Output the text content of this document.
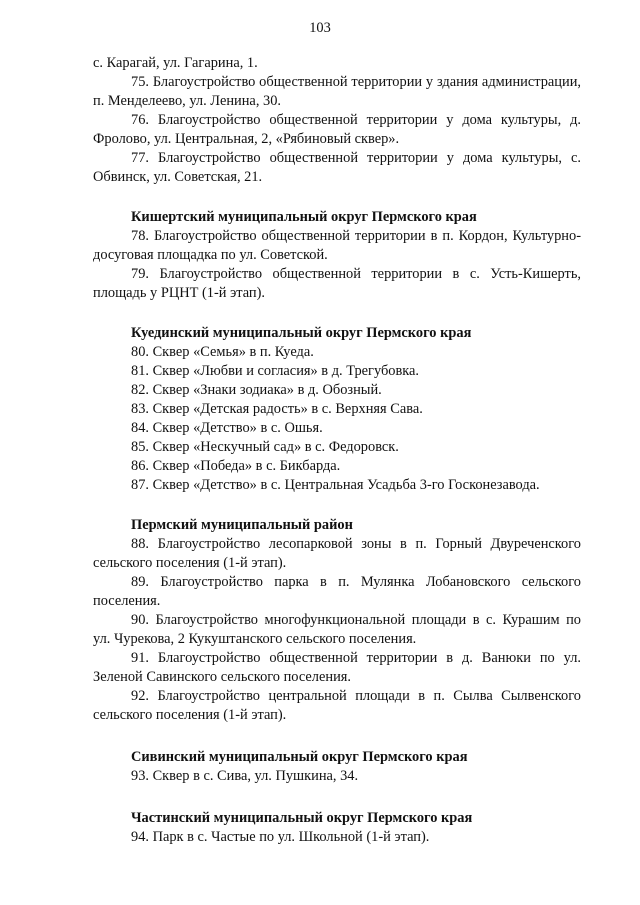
103

с. Карагай, ул. Гагарина, 1.

75. Благоустройство общественной территории у здания администрации, п. Менделеево, ул. Ленина, 30.

76. Благоустройство общественной территории у дома культуры, д. Фролово, ул. Центральная, 2, «Рябиновый сквер».

77. Благоустройство общественной территории у дома культуры, с. Обвинск, ул. Советская, 21.

Кишертский муниципальный округ Пермского края

78. Благоустройство общественной территории в п. Кордон, Культурно-досуговая площадка по ул. Советской.

79. Благоустройство общественной территории в с. Усть-Кишерть, площадь у РЦНТ (1-й этап).

Куединский муниципальный округ Пермского края

80. Сквер «Семья» в п. Куеда.

81. Сквер «Любви и согласия» в д. Трегубовка.

82. Сквер «Знаки зодиака» в д. Обозный.

83. Сквер «Детская радость» в с. Верхняя Сава.

84. Сквер «Детство» в с. Ошья.

85. Сквер «Нескучный сад» в с. Федоровск.

86. Сквер «Победа» в с. Бикбарда.

87. Сквер «Детство» в с. Центральная Усадьба 3-го Госконезавода.

Пермский муниципальный район

88. Благоустройство лесопарковой зоны в п. Горный Двуреченского сельского поселения (1-й этап).

89. Благоустройство парка в п. Мулянка Лобановского сельского поселения.

90. Благоустройство многофункциональной площади в с. Курашим по ул. Чурекова, 2 Кукуштанского сельского поселения.

91. Благоустройство общественной территории в д. Ванюки по ул. Зеленой Савинского сельского поселения.

92. Благоустройство центральной площади в п. Сылва Сылвенского сельского поселения (1-й этап).

Сивинский муниципальный округ Пермского края

93. Сквер в с. Сива, ул. Пушкина, 34.

Частинский муниципальный округ Пермского края

94. Парк в с. Частые по ул. Школьной (1-й этап).
